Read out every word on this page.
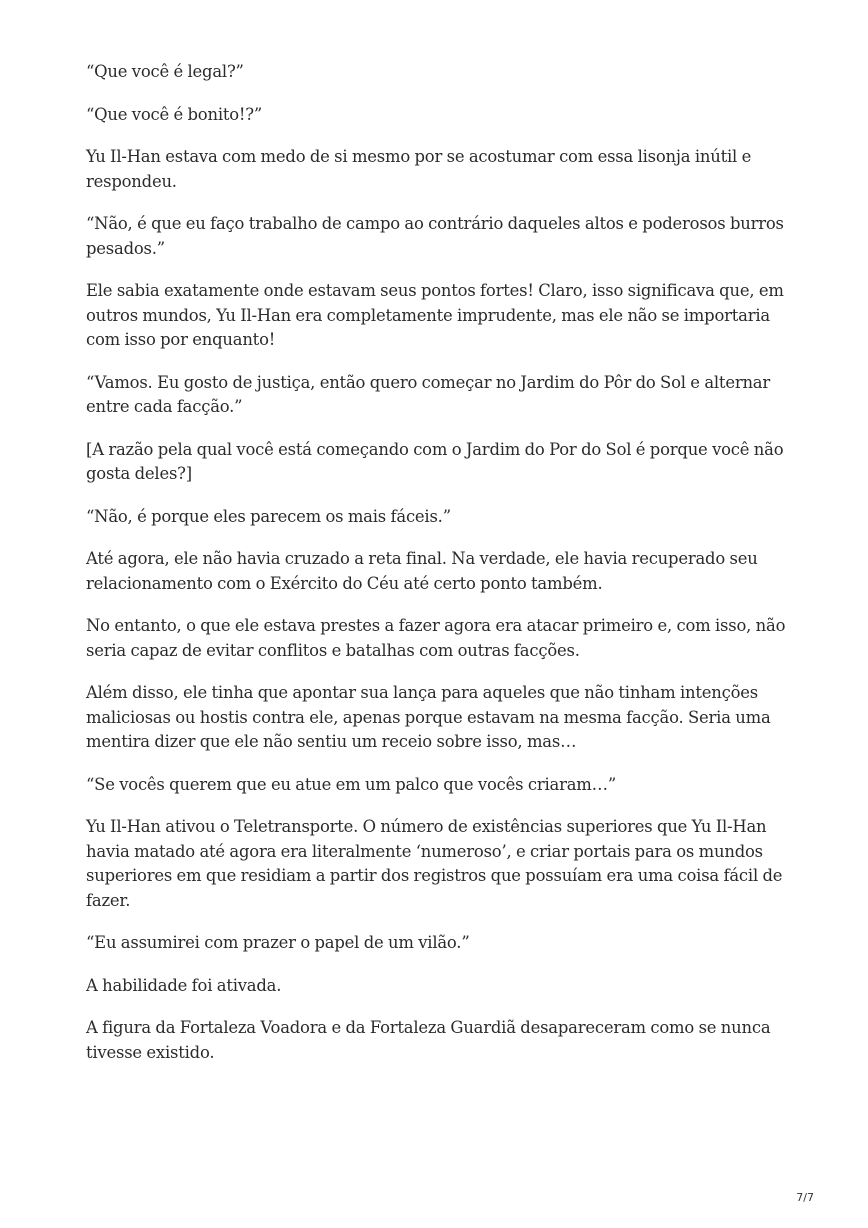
“Que você é legal?”

“Que você é bonito!?”

Yu Il-Han estava com medo de si mesmo por se acostumar com essa lisonja inútil e respondeu.

“Não, é que eu faço trabalho de campo ao contrário daqueles altos e poderosos burros pesados.”

Ele sabia exatamente onde estavam seus pontos fortes! Claro, isso significava que, em outros mundos, Yu Il-Han era completamente imprudente, mas ele não se importaria com isso por enquanto!

“Vamos. Eu gosto de justiça, então quero começar no Jardim do Pôr do Sol e alternar entre cada facção.”

[A razão pela qual você está começando com o Jardim do Por do Sol é porque você não gosta deles?]

“Não, é porque eles parecem os mais fáceis.”

Até agora, ele não havia cruzado a reta final. Na verdade, ele havia recuperado seu relacionamento com o Exército do Céu até certo ponto também.

No entanto, o que ele estava prestes a fazer agora era atacar primeiro e, com isso, não seria capaz de evitar conflitos e batalhas com outras facções.

Além disso, ele tinha que apontar sua lança para aqueles que não tinham intenções maliciosas ou hostis contra ele, apenas porque estavam na mesma facção. Seria uma mentira dizer que ele não sentiu um receio sobre isso, mas…

“Se vocês querem que eu atue em um palco que vocês criaram…”

Yu Il-Han ativou o Teletransporte. O número de existências superiores que Yu Il-Han havia matado até agora era literalmente ‘numeroso’, e criar portais para os mundos superiores em que residiam a partir dos registros que possuíam era uma coisa fácil de fazer.

“Eu assumirei com prazer o papel de um vilão.”

A habilidade foi ativada.

A figura da Fortaleza Voadora e da Fortaleza Guardiã desapareceram como se nunca tivesse existido.

7/7
